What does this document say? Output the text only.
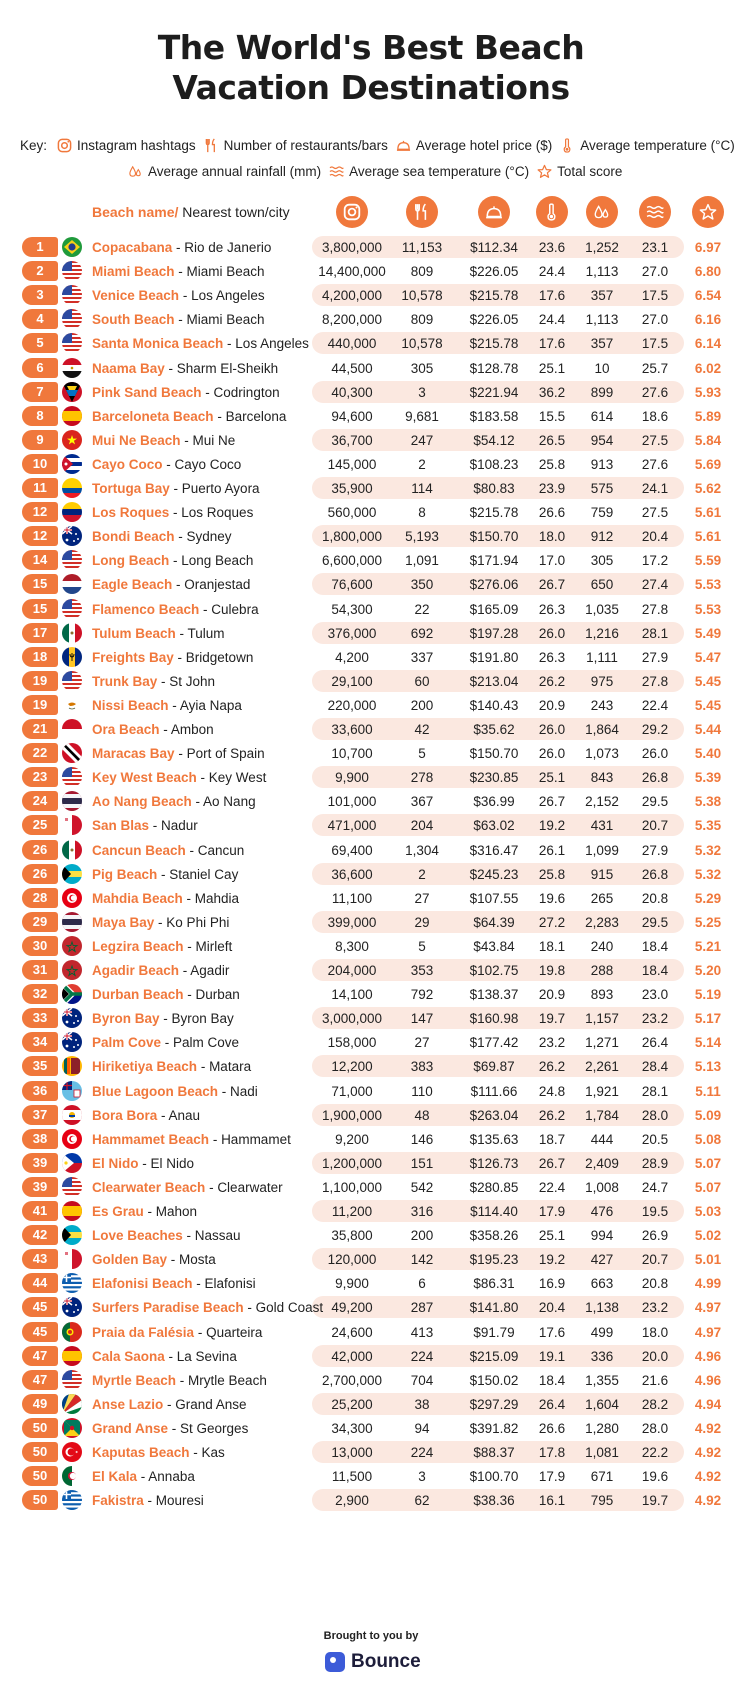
The World's Best Beach
Vacation Destinations
Key: Instagram hashtags Number of restaurants/bars Average hotel price ($) Average temperature (°C)
Average annual rainfall (mm) Average sea temperature (°C) Total score
Beach name/ Nearest town/city
1	Copacabana - Rio de Janerio	3,800,000	11,153	$112.34	23.6	1,252	23.1	6.97
2	Miami Beach - Miami Beach	14,400,000	809	$226.05	24.4	1,113	27.0	6.80
3	Venice Beach - Los Angeles	4,200,000	10,578	$215.78	17.6	357	17.5	6.54
4	South Beach - Miami Beach	8,200,000	809	$226.05	24.4	1,113	27.0	6.16
5	Santa Monica Beach - Los Angeles	440,000	10,578	$215.78	17.6	357	17.5	6.14
6	Naama Bay - Sharm El-Sheikh	44,500	305	$128.78	25.1	10	25.7	6.02
7	Pink Sand Beach - Codrington	40,300	3	$221.94	36.2	899	27.6	5.93
8	Barceloneta Beach - Barcelona	94,600	9,681	$183.58	15.5	614	18.6	5.89
9	Mui Ne Beach - Mui Ne	36,700	247	$54.12	26.5	954	27.5	5.84
10	Cayo Coco - Cayo Coco	145,000	2	$108.23	25.8	913	27.6	5.69
11	Tortuga Bay - Puerto Ayora	35,900	114	$80.83	23.9	575	24.1	5.62
12	Los Roques - Los Roques	560,000	8	$215.78	26.6	759	27.5	5.61
12	Bondi Beach - Sydney	1,800,000	5,193	$150.70	18.0	912	20.4	5.61
14	Long Beach - Long Beach	6,600,000	1,091	$171.94	17.0	305	17.2	5.59
15	Eagle Beach - Oranjestad	76,600	350	$276.06	26.7	650	27.4	5.53
15	Flamenco Beach - Culebra	54,300	22	$165.09	26.3	1,035	27.8	5.53
17	Tulum Beach - Tulum	376,000	692	$197.28	26.0	1,216	28.1	5.49
18	Freights Bay - Bridgetown	4,200	337	$191.80	26.3	1,111	27.9	5.47
19	Trunk Bay - St John	29,100	60	$213.04	26.2	975	27.8	5.45
19	Nissi Beach - Ayia Napa	220,000	200	$140.43	20.9	243	22.4	5.45
21	Ora Beach - Ambon	33,600	42	$35.62	26.0	1,864	29.2	5.44
22	Maracas Bay - Port of Spain	10,700	5	$150.70	26.0	1,073	26.0	5.40
23	Key West Beach - Key West	9,900	278	$230.85	25.1	843	26.8	5.39
24	Ao Nang Beach - Ao Nang	101,000	367	$36.99	26.7	2,152	29.5	5.38
25	San Blas - Nadur	471,000	204	$63.02	19.2	431	20.7	5.35
26	Cancun Beach - Cancun	69,400	1,304	$316.47	26.1	1,099	27.9	5.32
26	Pig Beach - Staniel Cay	36,600	2	$245.23	25.8	915	26.8	5.32
28	Mahdia Beach - Mahdia	11,100	27	$107.55	19.6	265	20.8	5.29
29	Maya Bay - Ko Phi Phi	399,000	29	$64.39	27.2	2,283	29.5	5.25
30	Legzira Beach - Mirleft	8,300	5	$43.84	18.1	240	18.4	5.21
31	Agadir Beach - Agadir	204,000	353	$102.75	19.8	288	18.4	5.20
32	Durban Beach - Durban	14,100	792	$138.37	20.9	893	23.0	5.19
33	Byron Bay - Byron Bay	3,000,000	147	$160.98	19.7	1,157	23.2	5.17
34	Palm Cove - Palm Cove	158,000	27	$177.42	23.2	1,271	26.4	5.14
35	Hiriketiya Beach - Matara	12,200	383	$69.87	26.2	2,261	28.4	5.13
36	Blue Lagoon Beach - Nadi	71,000	110	$111.66	24.8	1,921	28.1	5.11
37	Bora Bora - Anau	1,900,000	48	$263.04	26.2	1,784	28.0	5.09
38	Hammamet Beach - Hammamet	9,200	146	$135.63	18.7	444	20.5	5.08
39	El Nido - El Nido	1,200,000	151	$126.73	26.7	2,409	28.9	5.07
39	Clearwater Beach - Clearwater	1,100,000	542	$280.85	22.4	1,008	24.7	5.07
41	Es Grau - Mahon	11,200	316	$114.40	17.9	476	19.5	5.03
42	Love Beaches - Nassau	35,800	200	$358.26	25.1	994	26.9	5.02
43	Golden Bay - Mosta	120,000	142	$195.23	19.2	427	20.7	5.01
44	Elafonisi Beach - Elafonisi	9,900	6	$86.31	16.9	663	20.8	4.99
45	Surfers Paradise Beach - Gold Coast 49,200	287	$141.80	20.4	1,138	23.2	4.97
45	Praia da Falésia - Quarteira	24,600	413	$91.79	17.6	499	18.0	4.97
47	Cala Saona - La Sevina	42,000	224	$215.09	19.1	336	20.0	4.96
47	Myrtle Beach - Mrytle Beach	2,700,000	704	$150.02	18.4	1,355	21.6	4.96
49	Anse Lazio - Grand Anse	25,200	38	$297.29	26.4	1,604	28.2	4.94
50	Grand Anse - St Georges	34,300	94	$391.82	26.6	1,280	28.0	4.92
50	Kaputas Beach - Kas	13,000	224	$88.37	17.8	1,081	22.2	4.92
50	El Kala - Annaba	11,500	3	$100.70	17.9	671	19.6	4.92
50	Fakistra - Mouresi	2,900	62	$38.36	16.1	795	19.7	4.92
Brought to you by
Bounce
